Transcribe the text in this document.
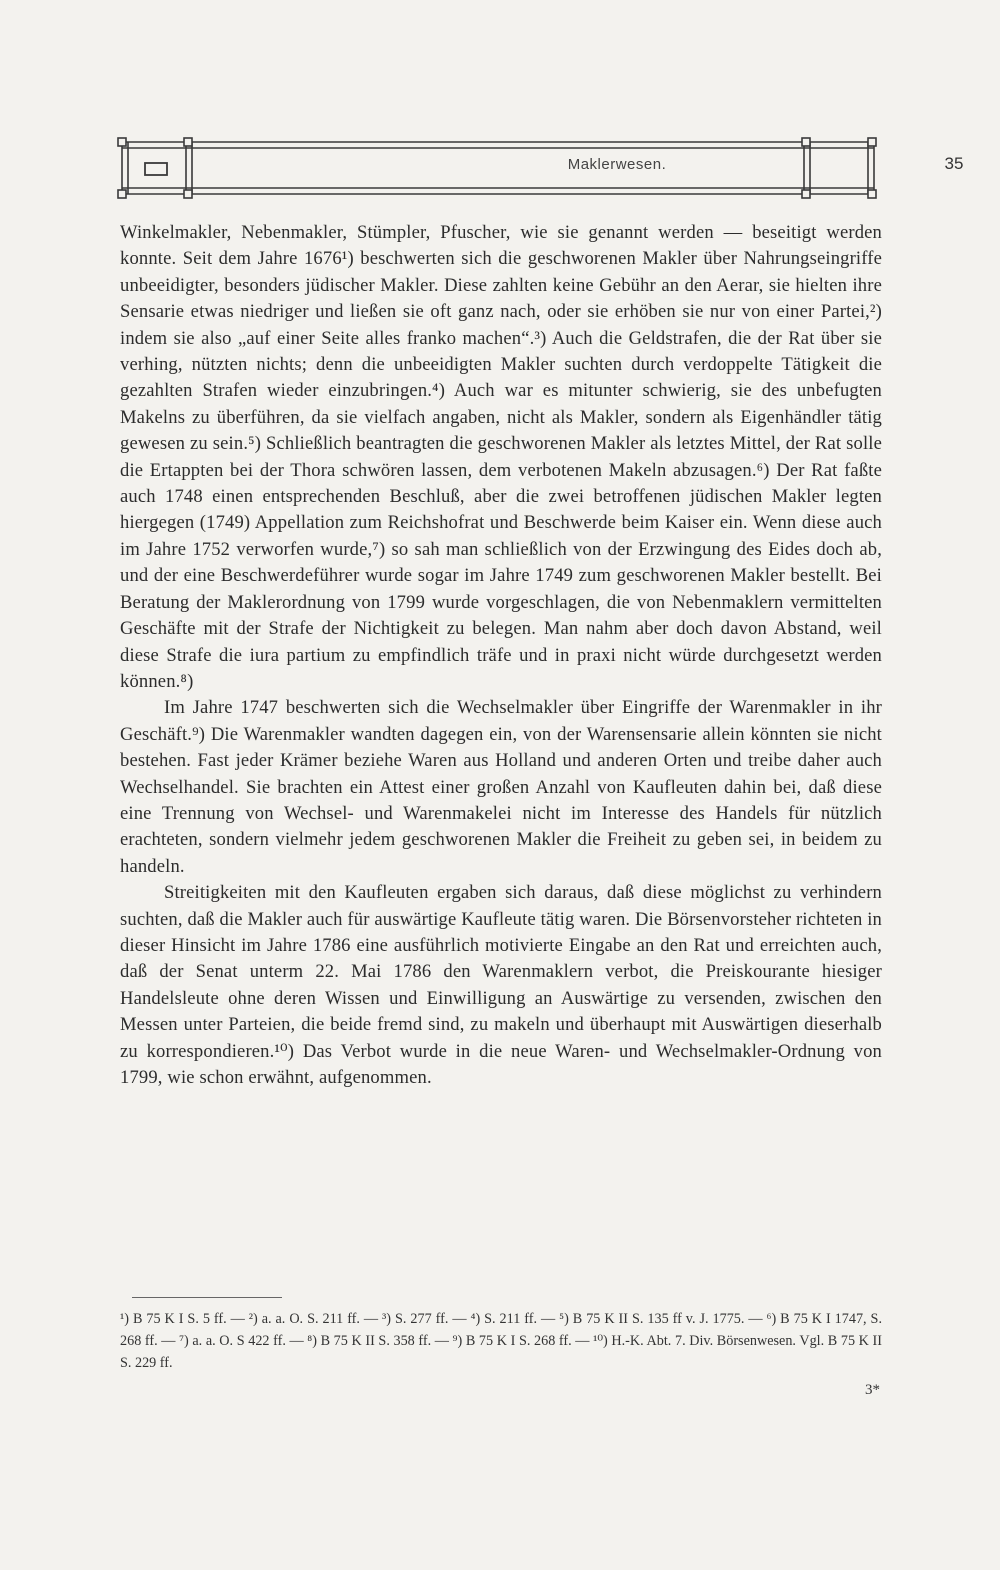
Maklerwesen.	35

Winkelmakler, Nebenmakler, Stümpler, Pfuscher, wie sie genannt werden — beseitigt werden konnte. Seit dem Jahre 1676¹) beschwerten sich die geschworenen Makler über Nahrungseingriffe unbeeidigter, besonders jüdischer Makler. Diese zahlten keine Gebühr an den Aerar, sie hielten ihre Sensarie etwas niedriger und ließen sie oft ganz nach, oder sie erhöben sie nur von einer Partei,²) indem sie also „auf einer Seite alles franko machen“.³) Auch die Geldstrafen, die der Rat über sie verhing, nützten nichts; denn die unbeeidigten Makler suchten durch verdoppelte Tätigkeit die gezahlten Strafen wieder einzubringen.⁴) Auch war es mitunter schwierig, sie des unbefugten Makelns zu überführen, da sie vielfach angaben, nicht als Makler, sondern als Eigenhändler tätig gewesen zu sein.⁵) Schließlich beantragten die geschworenen Makler als letztes Mittel, der Rat solle die Ertappten bei der Thora schwören lassen, dem verbotenen Makeln abzusagen.⁶) Der Rat faßte auch 1748 einen entsprechenden Beschluß, aber die zwei betroffenen jüdischen Makler legten hiergegen (1749) Appellation zum Reichshofrat und Beschwerde beim Kaiser ein. Wenn diese auch im Jahre 1752 verworfen wurde,⁷) so sah man schließlich von der Erzwingung des Eides doch ab, und der eine Beschwerdeführer wurde sogar im Jahre 1749 zum geschworenen Makler bestellt. Bei Beratung der Maklerordnung von 1799 wurde vorgeschlagen, die von Nebenmaklern vermittelten Geschäfte mit der Strafe der Nichtigkeit zu belegen. Man nahm aber doch davon Abstand, weil diese Strafe die iura partium zu empfindlich träfe und in praxi nicht würde durchgesetzt werden können.⁸)

Im Jahre 1747 beschwerten sich die Wechselmakler über Eingriffe der Warenmakler in ihr Geschäft.⁹) Die Warenmakler wandten dagegen ein, von der Warensensarie allein könnten sie nicht bestehen. Fast jeder Krämer beziehe Waren aus Holland und anderen Orten und treibe daher auch Wechselhandel. Sie brachten ein Attest einer großen Anzahl von Kaufleuten dahin bei, daß diese eine Trennung von Wechsel- und Warenmakelei nicht im Interesse des Handels für nützlich erachteten, sondern vielmehr jedem geschworenen Makler die Freiheit zu geben sei, in beidem zu handeln.

Streitigkeiten mit den Kaufleuten ergaben sich daraus, daß diese möglichst zu verhindern suchten, daß die Makler auch für auswärtige Kaufleute tätig waren. Die Börsenvorsteher richteten in dieser Hinsicht im Jahre 1786 eine ausführlich motivierte Eingabe an den Rat und erreichten auch, daß der Senat unterm 22. Mai 1786 den Warenmaklern verbot, die Preiskourante hiesiger Handelsleute ohne deren Wissen und Einwilligung an Auswärtige zu versenden, zwischen den Messen unter Parteien, die beide fremd sind, zu makeln und überhaupt mit Auswärtigen dieserhalb zu korrespondieren.¹⁰) Das Verbot wurde in die neue Waren- und Wechselmakler-Ordnung von 1799, wie schon erwähnt, aufgenommen.

¹) B 75 K I S. 5 ff. — ²) a. a. O. S. 211 ff. — ³) S. 277 ff. — ⁴) S. 211 ff. — ⁵) B 75 K II S. 135 ff v. J. 1775. — ⁶) B 75 K I 1747, S. 268 ff. — ⁷) a. a. O. S 422 ff. — ⁸) B 75 K II S. 358 ff. — ⁹) B 75 K I S. 268 ff. — ¹⁰) H.-K. Abt. 7. Div. Börsenwesen. Vgl. B 75 K II S. 229 ff.
3*
